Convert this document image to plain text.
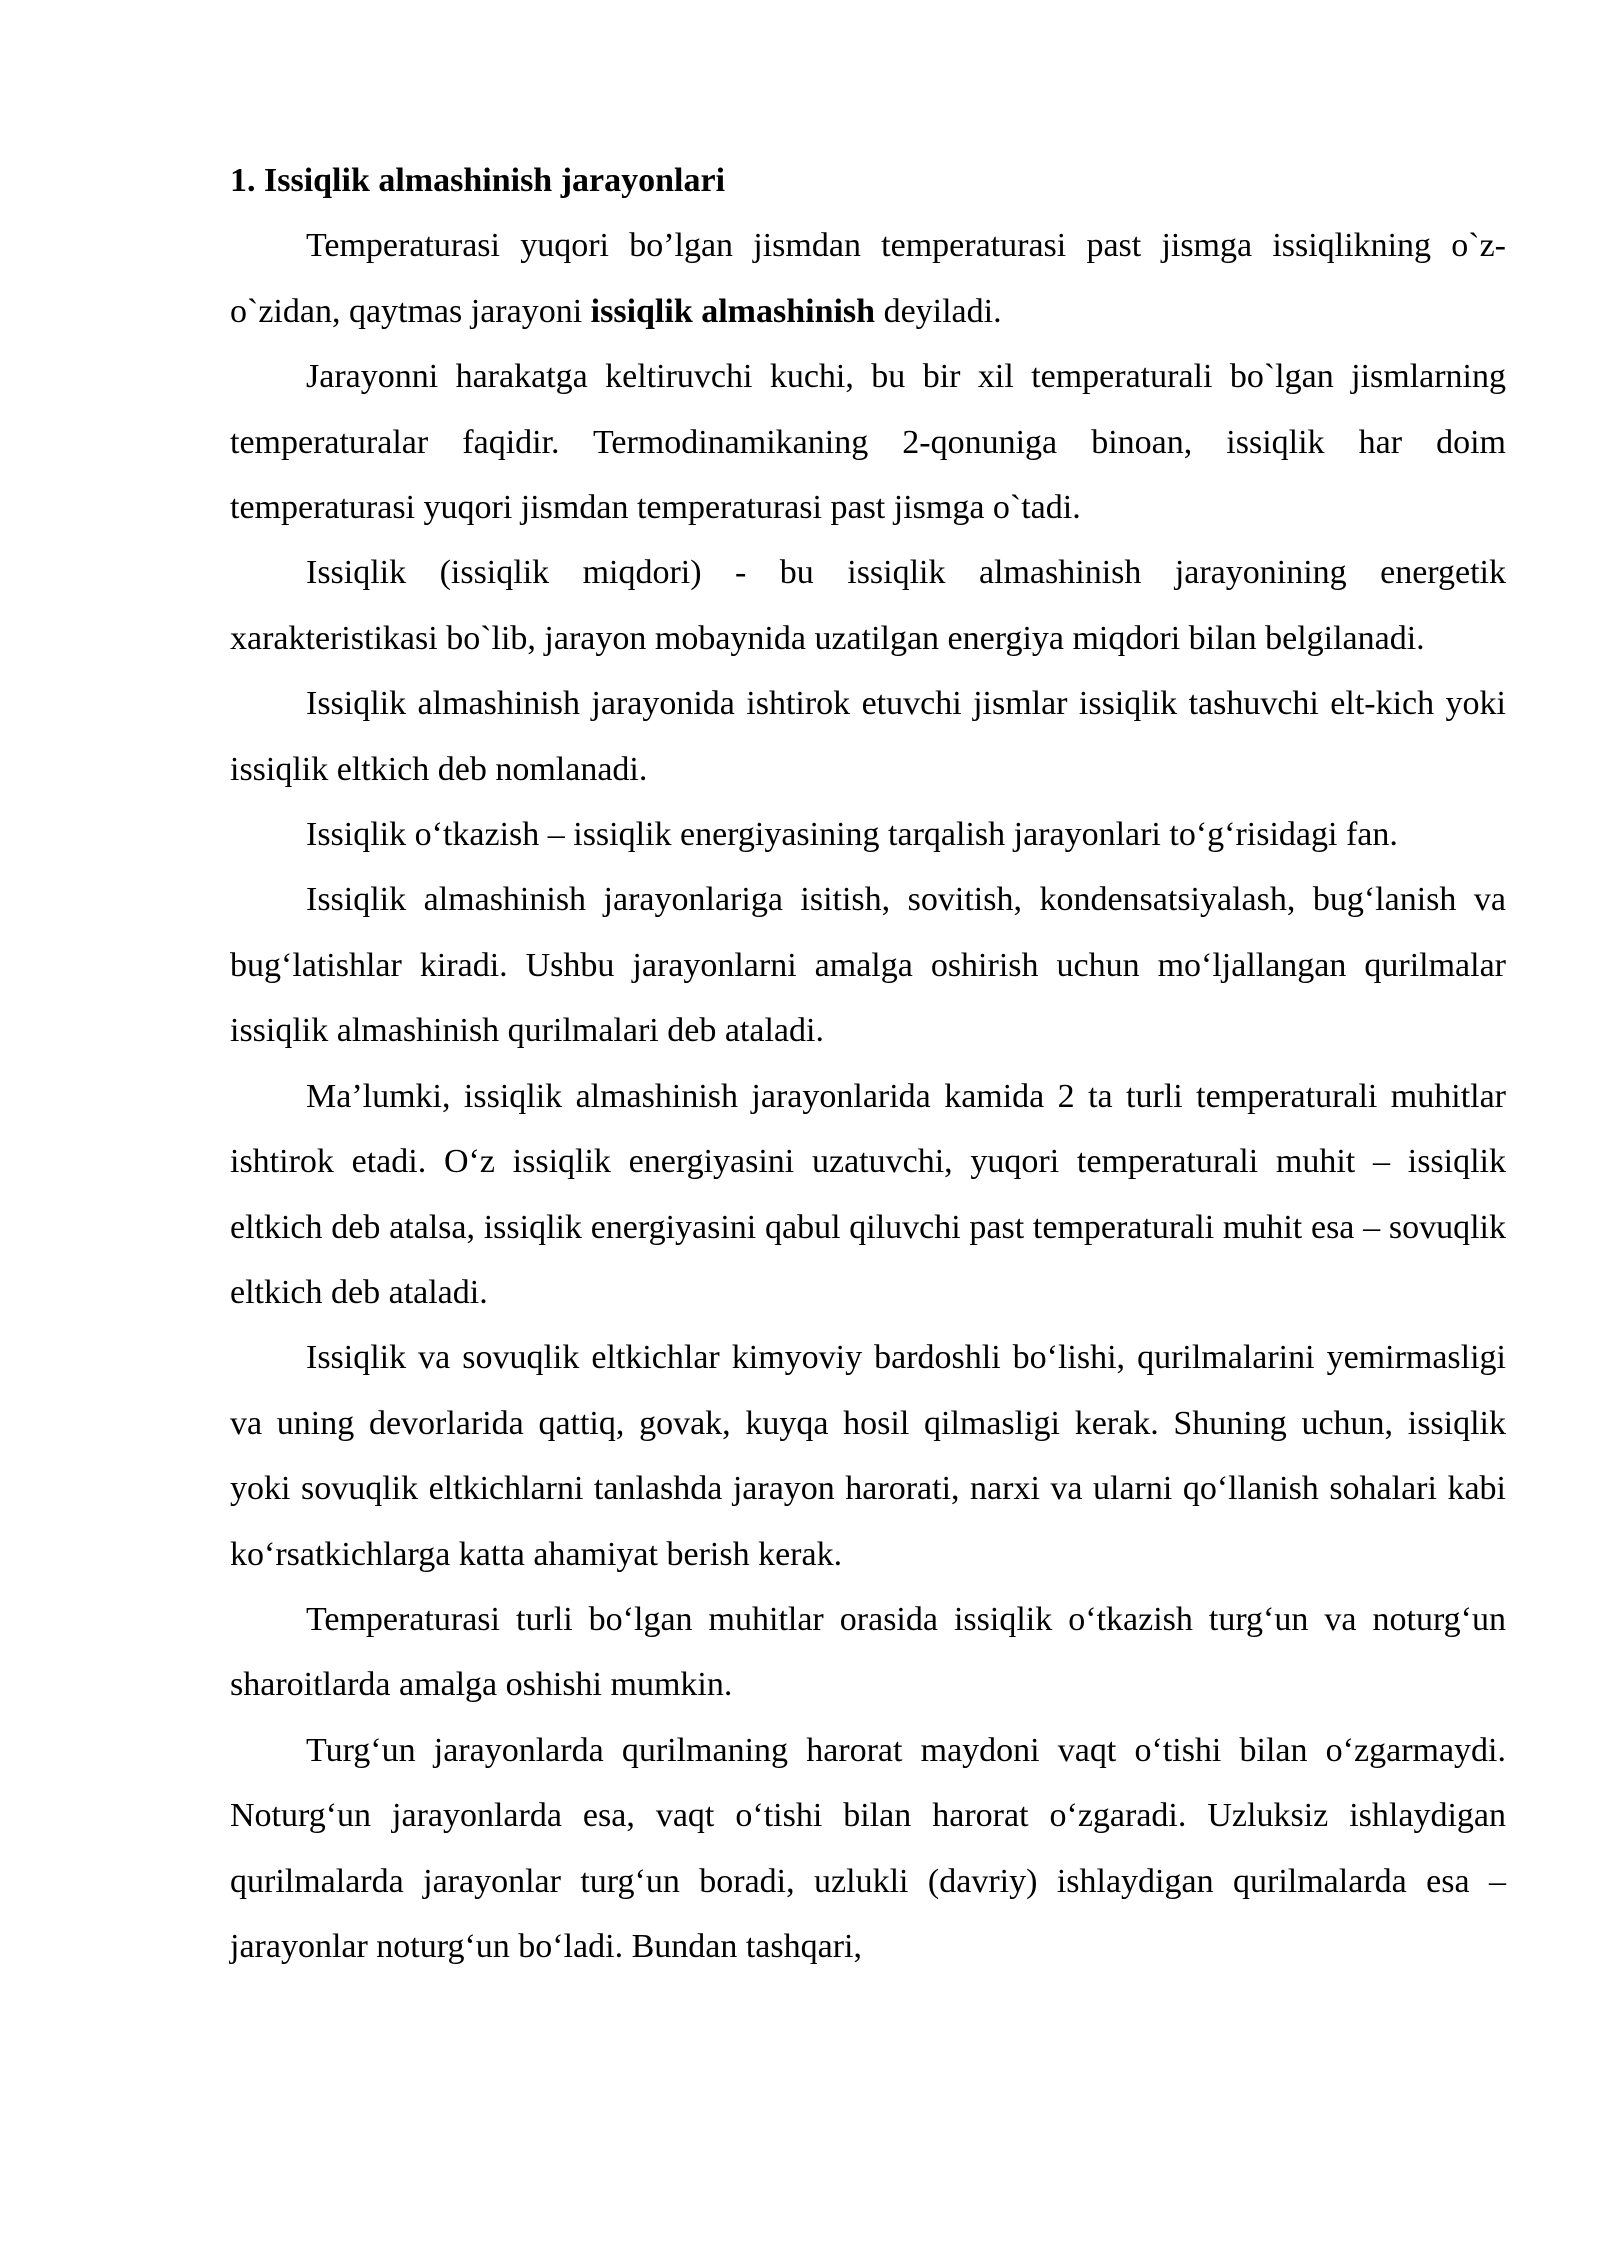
1. Issiqlik almashinish jarayonlari

Temperaturasi yuqori bo’lgan jismdan temperaturasi past jismga issiqlikning o`z-o`zidan, qaytmas jarayoni issiqlik almashinish deyiladi.

Jarayonni harakatga keltiruvchi kuchi, bu bir xil temperaturali bo`lgan jismlarning temperaturalar faqidir. Termodinamikaning 2-qonuniga binoan, issiqlik har doim temperaturasi yuqori jismdan temperaturasi past jismga o`tadi.

Issiqlik (issiqlik miqdori) - bu issiqlik almashinish jarayonining energetik xarakteristikasi bo`lib, jarayon mobaynida uzatilgan energiya miqdori bilan belgilanadi.

Issiqlik almashinish jarayonida ishtirok etuvchi jismlar issiqlik tashuvchi elt-kich yoki issiqlik eltkich deb nomlanadi.

Issiqlik o‘tkazish – issiqlik energiyasining tarqalish jarayonlari to‘g‘risidagi fan.

Issiqlik almashinish jarayonlariga isitish, sovitish, kondensatsiyalash, bug‘lanish va bug‘latishlar kiradi. Ushbu jarayonlarni amalga oshirish uchun mo‘ljallangan qurilmalar issiqlik almashinish qurilmalari deb ataladi.

Ma’lumki, issiqlik almashinish jarayonlarida kamida 2 ta turli temperaturali muhitlar ishtirok etadi. O‘z issiqlik energiyasini uzatuvchi, yuqori temperaturali muhit – issiqlik eltkich deb atalsa, issiqlik energiyasini qabul qiluvchi past temperaturali muhit esa – sovuqlik eltkich deb ataladi.

Issiqlik va sovuqlik eltkichlar kimyoviy bardoshli bo‘lishi, qurilmalarini yemirmasligi va uning devorlarida qattiq, govak, kuyqa hosil qilmasligi kerak. Shuning uchun, issiqlik yoki sovuqlik eltkichlarni tanlashda jarayon harorati, narxi va ularni qo‘llanish sohalari kabi ko‘rsatkichlarga katta ahamiyat berish kerak.

Temperaturasi turli bo‘lgan muhitlar orasida issiqlik o‘tkazish turg‘un va noturg‘un sharoitlarda amalga oshishi mumkin.

Turg‘un jarayonlarda qurilmaning harorat maydoni vaqt o‘tishi bilan o‘zgarmaydi. Noturg‘un jarayonlarda esa, vaqt o‘tishi bilan harorat o‘zgaradi. Uzluksiz ishlaydigan qurilmalarda jarayonlar turg‘un boradi, uzlukli (davriy) ishlaydigan qurilmalarda esa – jarayonlar noturg‘un bo‘ladi. Bundan tashqari,
